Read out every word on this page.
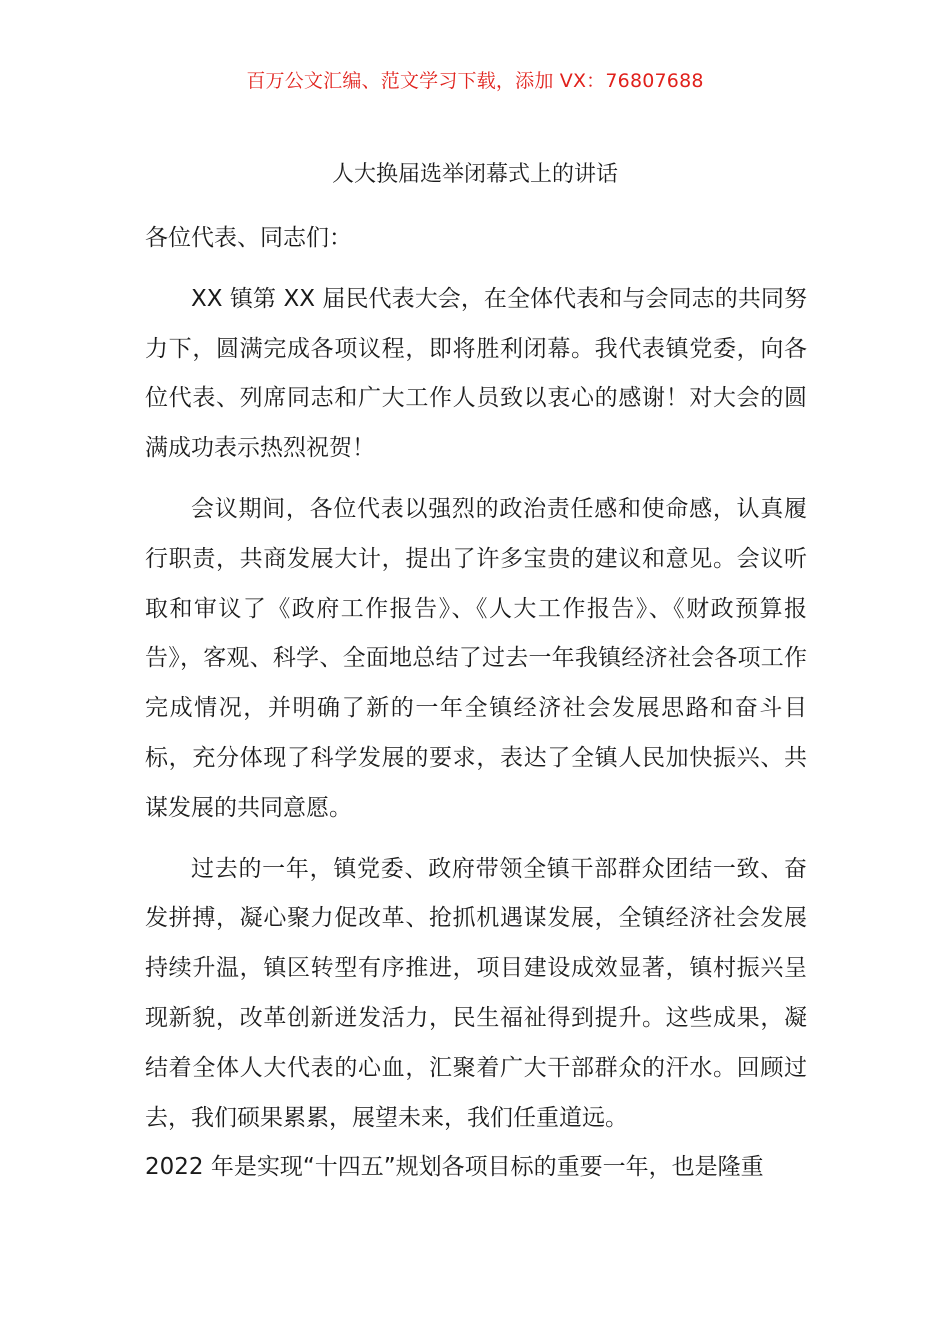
百万公文汇编、范文学习下载，添加 VX：76807688
人大换届选举闭幕式上的讲话

各位代表、同志们：

XX 镇第 XX 届民代表大会，在全体代表和与会同志的共同努力下，圆满完成各项议程，即将胜利闭幕。我代表镇党委，向各位代表、列席同志和广大工作人员致以衷心的感谢！对大会的圆满成功表示热烈祝贺！

会议期间，各位代表以强烈的政治责任感和使命感，认真履行职责，共商发展大计，提出了许多宝贵的建议和意见。会议听取和审议了《政府工作报告》、《人大工作报告》、《财政预算报告》，客观、科学、全面地总结了过去一年我镇经济社会各项工作完成情况，并明确了新的一年全镇经济社会发展思路和奋斗目标，充分体现了科学发展的要求，表达了全镇人民加快振兴、共谋发展的共同意愿。

过去的一年，镇党委、政府带领全镇干部群众团结一致、奋发拼搏，凝心聚力促改革、抢抓机遇谋发展，全镇经济社会发展持续升温，镇区转型有序推进，项目建设成效显著，镇村振兴呈现新貌，改革创新迸发活力，民生福祉得到提升。这些成果，凝结着全体人大代表的心血，汇聚着广大干部群众的汗水。回顾过去，我们硕果累累，展望未来，我们任重道远。

2022 年是实现“十四五”规划各项目标的重要一年，也是隆重
